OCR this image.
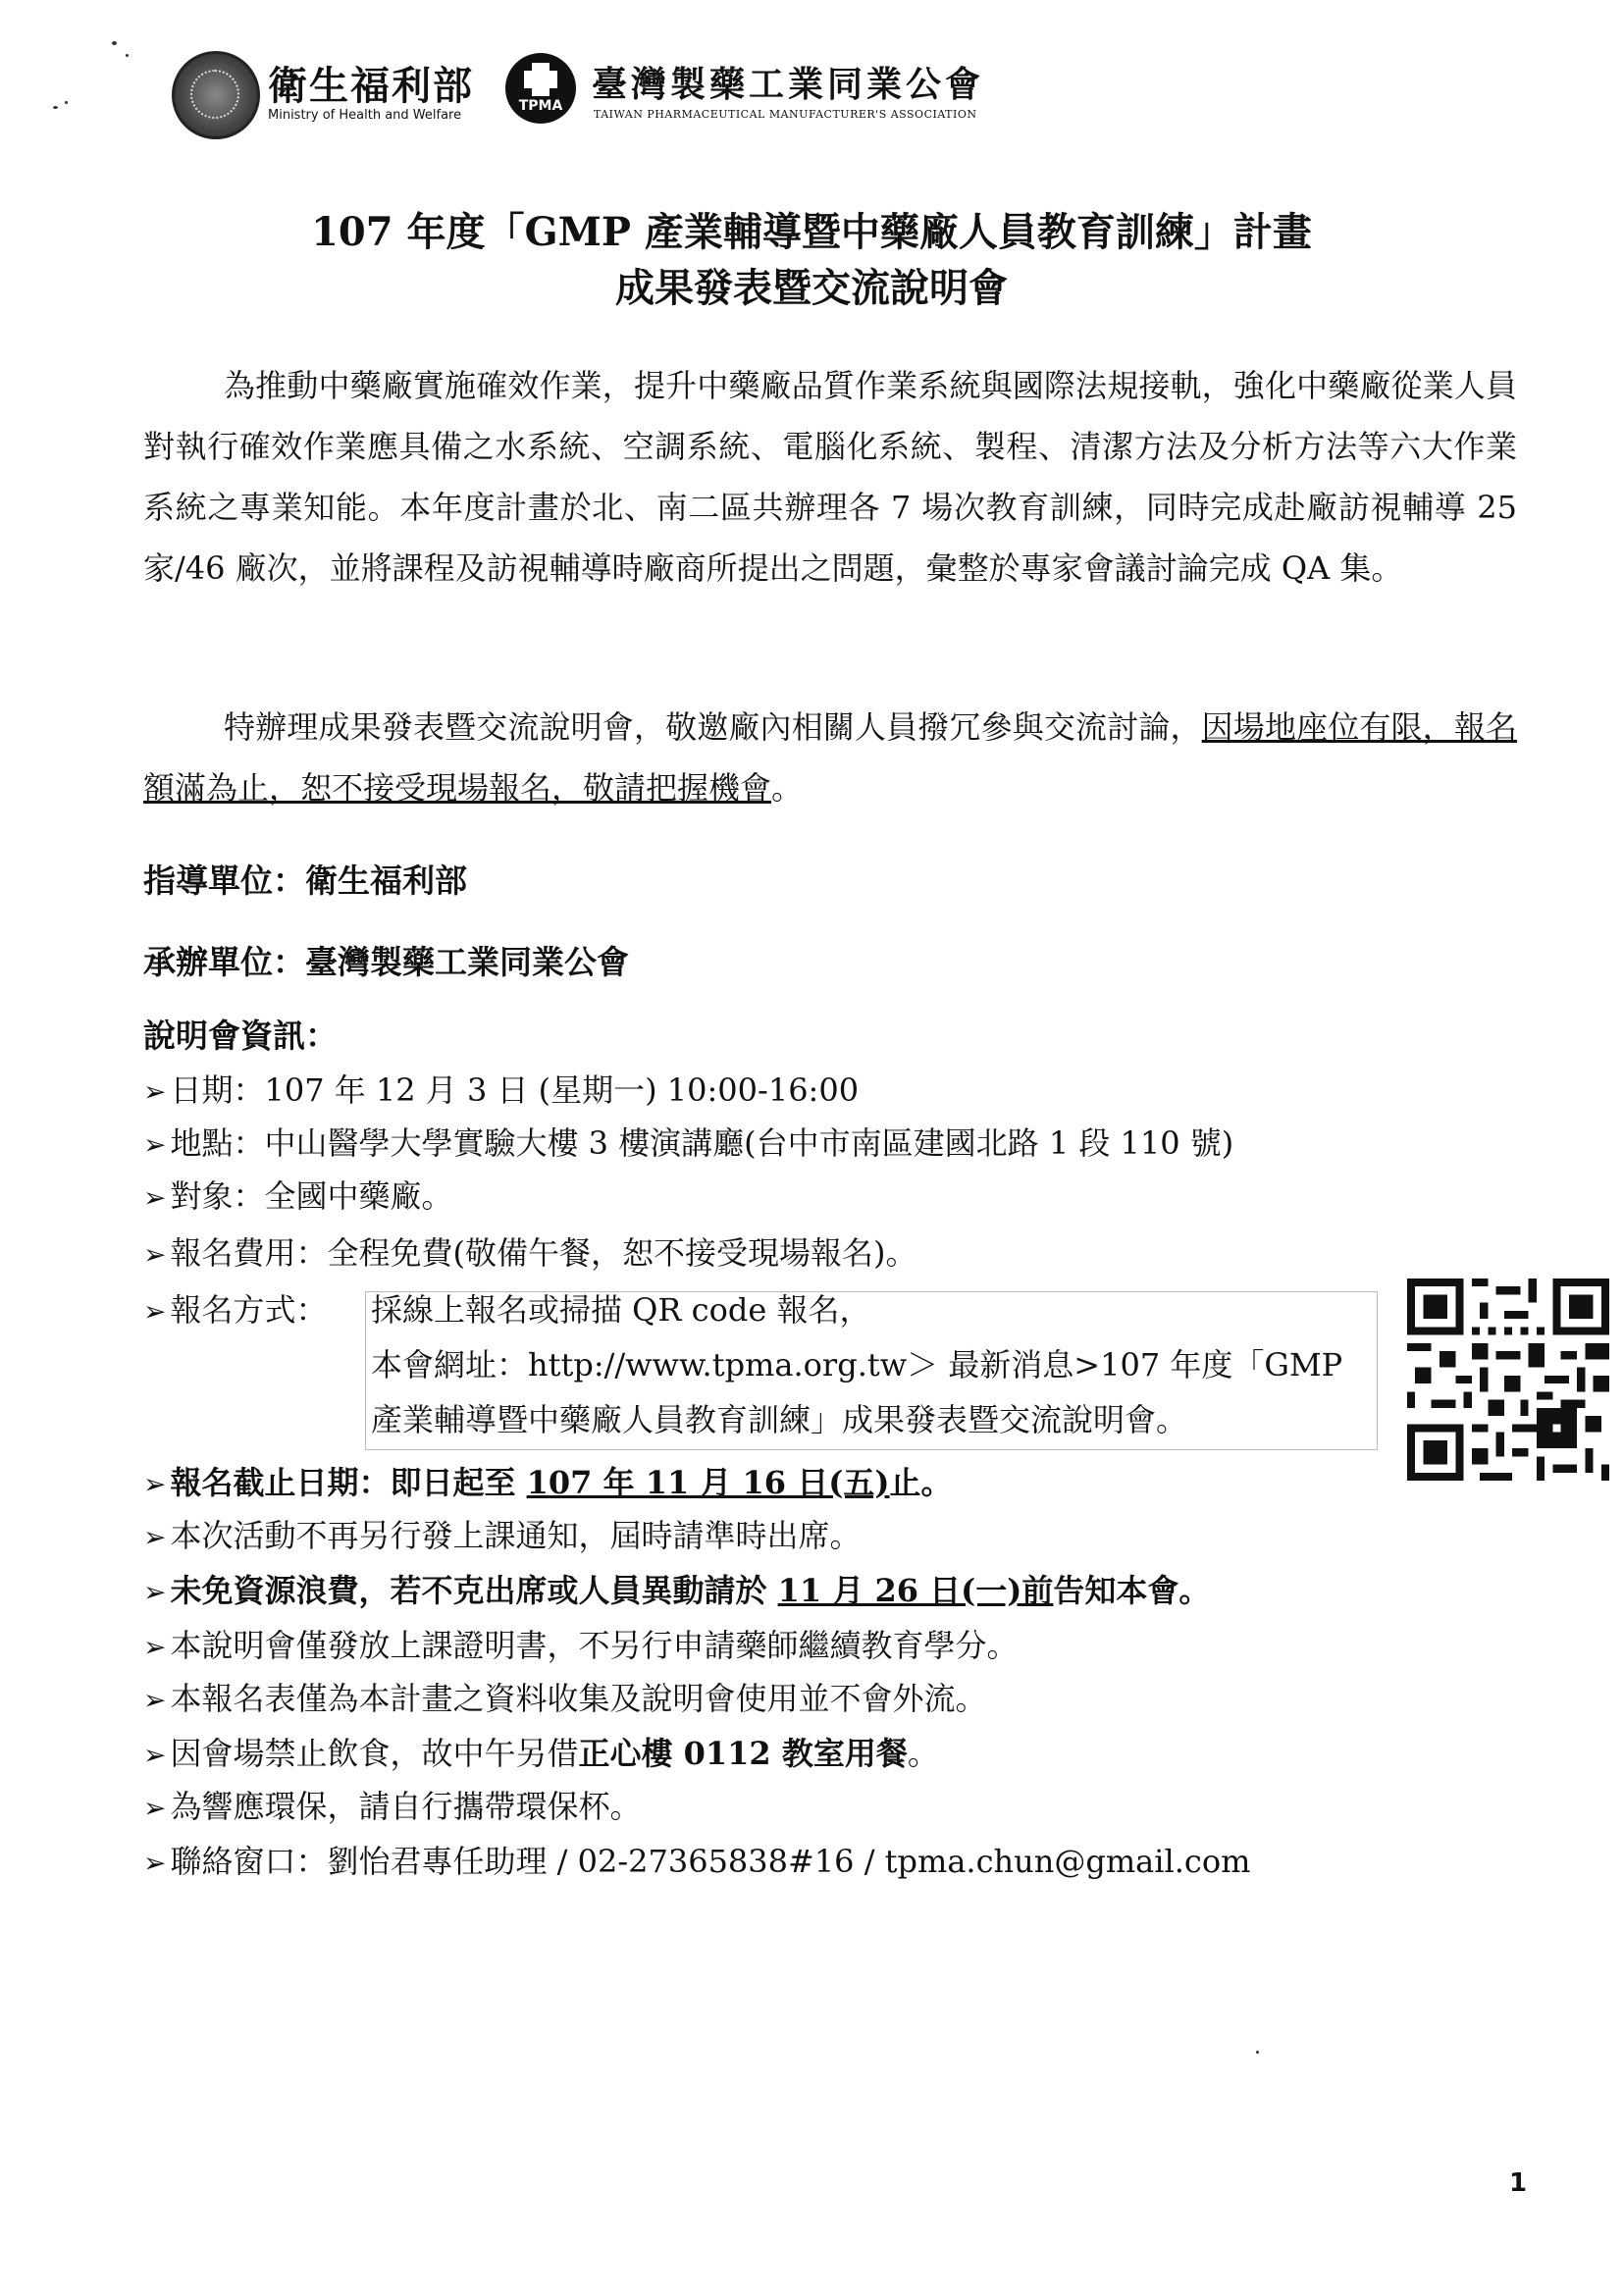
衛生福利部
Ministry of Health and Welfare
TPMA
臺灣製藥工業同業公會
TAIWAN PHARMACEUTICAL MANUFACTURER'S ASSOCIATION
107 年度「GMP 產業輔導暨中藥廠人員教育訓練」計畫
成果發表暨交流說明會

為推動中藥廠實施確效作業，提升中藥廠品質作業系統與國際法規接軌，強化中藥廠從業人員對執行確效作業應具備之水系統、空調系統、電腦化系統、製程、清潔方法及分析方法等六大作業系統之專業知能。本年度計畫於北、南二區共辦理各 7 場次教育訓練，同時完成赴廠訪視輔導 25 家/46 廠次，並將課程及訪視輔導時廠商所提出之問題，彙整於專家會議討論完成 QA 集。

特辦理成果發表暨交流說明會，敬邀廠內相關人員撥冗參與交流討論，因場地座位有限，報名額滿為止，恕不接受現場報名，敬請把握機會。

指導單位：衛生福利部
承辦單位：臺灣製藥工業同業公會
說明會資訊：
➢ 日期：107 年 12 月 3 日 (星期一) 10:00-16:00
➢ 地點：中山醫學大學實驗大樓 3 樓演講廳(台中市南區建國北路 1 段 110 號)
➢ 對象：全國中藥廠。
➢ 報名費用：全程免費(敬備午餐，恕不接受現場報名)。
➢ 報名方式： 採線上報名或掃描 QR code 報名，
本會網址：http://www.tpma.org.tw＞ 最新消息>107 年度「GMP
產業輔導暨中藥廠人員教育訓練」成果發表暨交流說明會。
➢ 報名截止日期：即日起至 107 年 11 月 16 日(五)止。
➢ 本次活動不再另行發上課通知，屆時請準時出席。
➢ 未免資源浪費，若不克出席或人員異動請於 11 月 26 日(一)前告知本會。
➢ 本說明會僅發放上課證明書，不另行申請藥師繼續教育學分。
➢ 本報名表僅為本計畫之資料收集及說明會使用並不會外流。
➢ 因會場禁止飲食，故中午另借正心樓 0112 教室用餐。
➢ 為響應環保，請自行攜帶環保杯。
➢ 聯絡窗口：劉怡君專任助理 / 02-27365838#16 / tpma.chun@gmail.com
1
